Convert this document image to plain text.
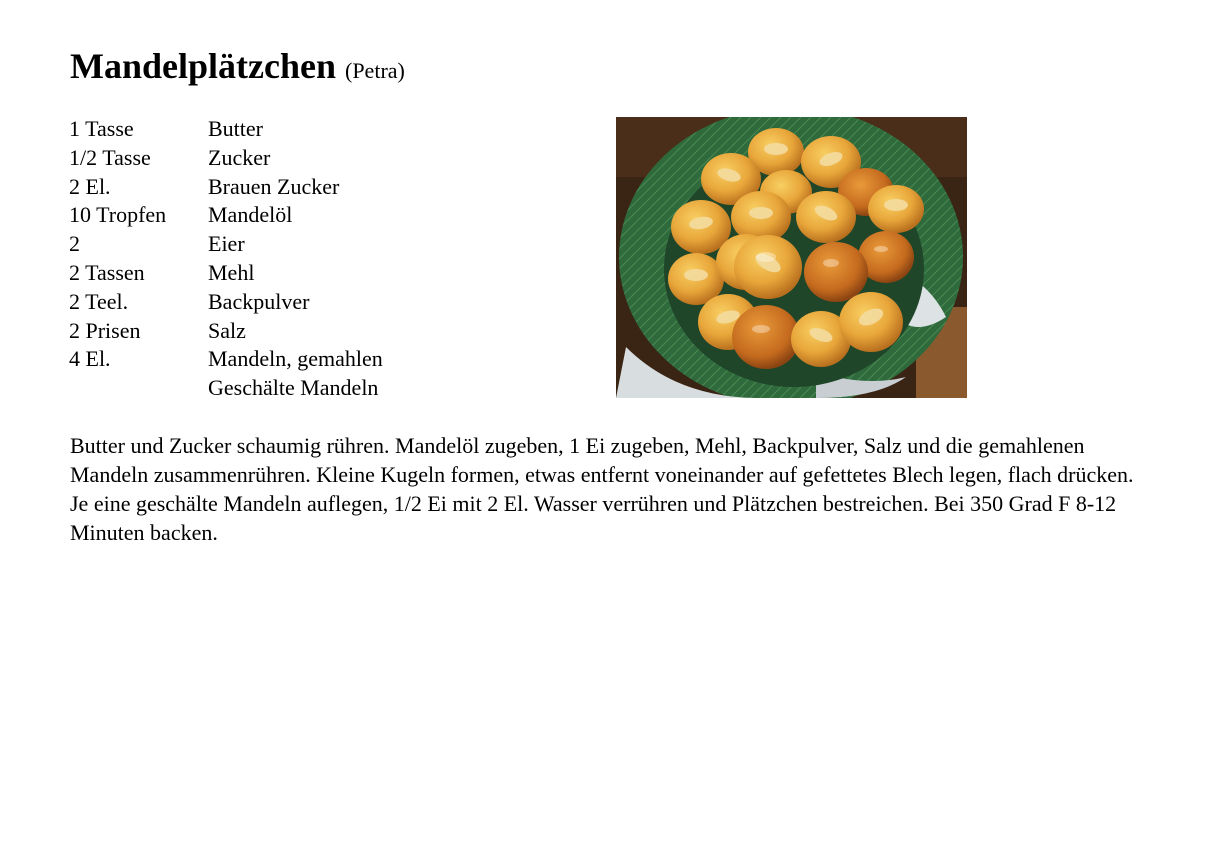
Mandelplätzchen (Petra)
1 Tasse	Butter
1/2 Tasse	Zucker
2 El.	Brauen Zucker
10 Tropfen	Mandelöl
2	Eier
2 Tassen	Mehl
2 Teel.	Backpulver
2 Prisen	Salz
4 El.	Mandeln, gemahlen
	Geschälte Mandeln

Butter und Zucker schaumig rühren. Mandelöl zugeben, 1 Ei zugeben, Mehl, Backpulver, Salz und die gemahlenen Mandeln zusammenrühren. Kleine Kugeln formen, etwas entfernt voneinander auf gefettetes Blech legen, flach drücken. Je eine geschälte Mandeln auflegen, 1/2 Ei mit 2 El. Wasser verrühren und Plätzchen bestreichen. Bei 350 Grad F 8-12 Minuten backen.
